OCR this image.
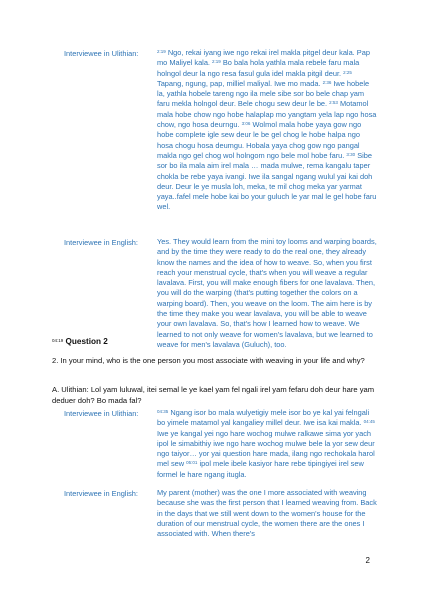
Interviewee in Ulithian:	$^{2:19}$ Ngo, rekai iyang iwe ngo rekai irel makla pitgel deur kala. Pap mo Maliyel kala. $^{2:19}$ Bo bala hola yathla mala rebele faru mala holngol deur la ngo resa fasul gula idel makla pitgil deur. $^{2:25}$ Tapang, ngung, pap, milliel maliyal. Iwe mo mada. $^{2:36}$ Iwe hobele la, yathla hobele tareng ngo ila mele sibe sor bo bele chap yam faru mekla holngol deur. Bele chogu sew deur le be. $^{2:53}$ Motamol mala hobe chow ngo hobe halaplap mo yangtam yela lap ngo hosa chow, ngo hosa deurngu. $^{3:06}$ Wolmol mala hobe yaya gow ngo hobe complete igle sew deur le be gel chog le hobe halpa ngo hosa chogu hosa deumgu. Hobala yaya chog gow ngo pangal makla ngo gel chog wol holngom ngo bele mol hobe faru. $^{3:30}$ Sibe sor bo ila mala aim irel mala … mada mulwe, rema kangalu taper chokla be rebe yaya ivangi. Iwe ila sangal ngang wulul yai kai doh deur. Deur le ye musla loh, meka, te mil chog meka yar yarmat yaya..fafel mele hobe kai bo your guluch le yar mal le gel hobe faru wel.
Interviewee in English:	Yes. They would learn from the mini toy looms and warping boards, and by the time they were ready to do the real one, they already know the names and the idea of how to weave. So, when you first reach your menstrual cycle, that's when you will weave a regular lavalava. First, you will make enough fibers for one lavalava. Then, you will do the warping (that's putting together the colors on a warping board). Then, you weave on the loom. The aim here is by the time they make you wear lavalava, you will be able to weave your own lavalava. So, that's how I learned how to weave. We learned to not only weave for women's lavalava, but we learned to weave for men's lavalava (Guluch), too.
$^{04:19}$ Question 2
2. In your mind, who is the one person you most associate with weaving in your life and why?
A. Ulithian: Lol yam luluwal, itei semal le ye kael yam fel ngali irel yam fefaru doh deur hare yam deduer doh? Bo mada fal?
Interviewee in Ulithian:	$^{04:35}$ Ngang isor bo mala wulyetigiy mele isor bo ye kal yai felngali bo yimele matamol yal kangaliey millel deur. Iwe isa kai makla. $^{04:45}$ Iwe ye kangal yei ngo hare wochog mulwe ralkawe sima yor yach ipol le simabithiy iwe ngo hare wochog mulwe bele la yor sew deur ngo taiyor… yor yai question hare mada, ilang ngo rechokala harol mel sew $^{05:01}$ ipol mele ibele kasiyor hare rebe tipingiyei irel sew formel le hare ngang itugla.
Interviewee in English:	My parent (mother) was the one I more associated with weaving because she was the first person that I learned weaving from. Back in the days that we still went down to the women's house for the duration of our menstrual cycle, the women there are the ones I associated with. When there's
2
